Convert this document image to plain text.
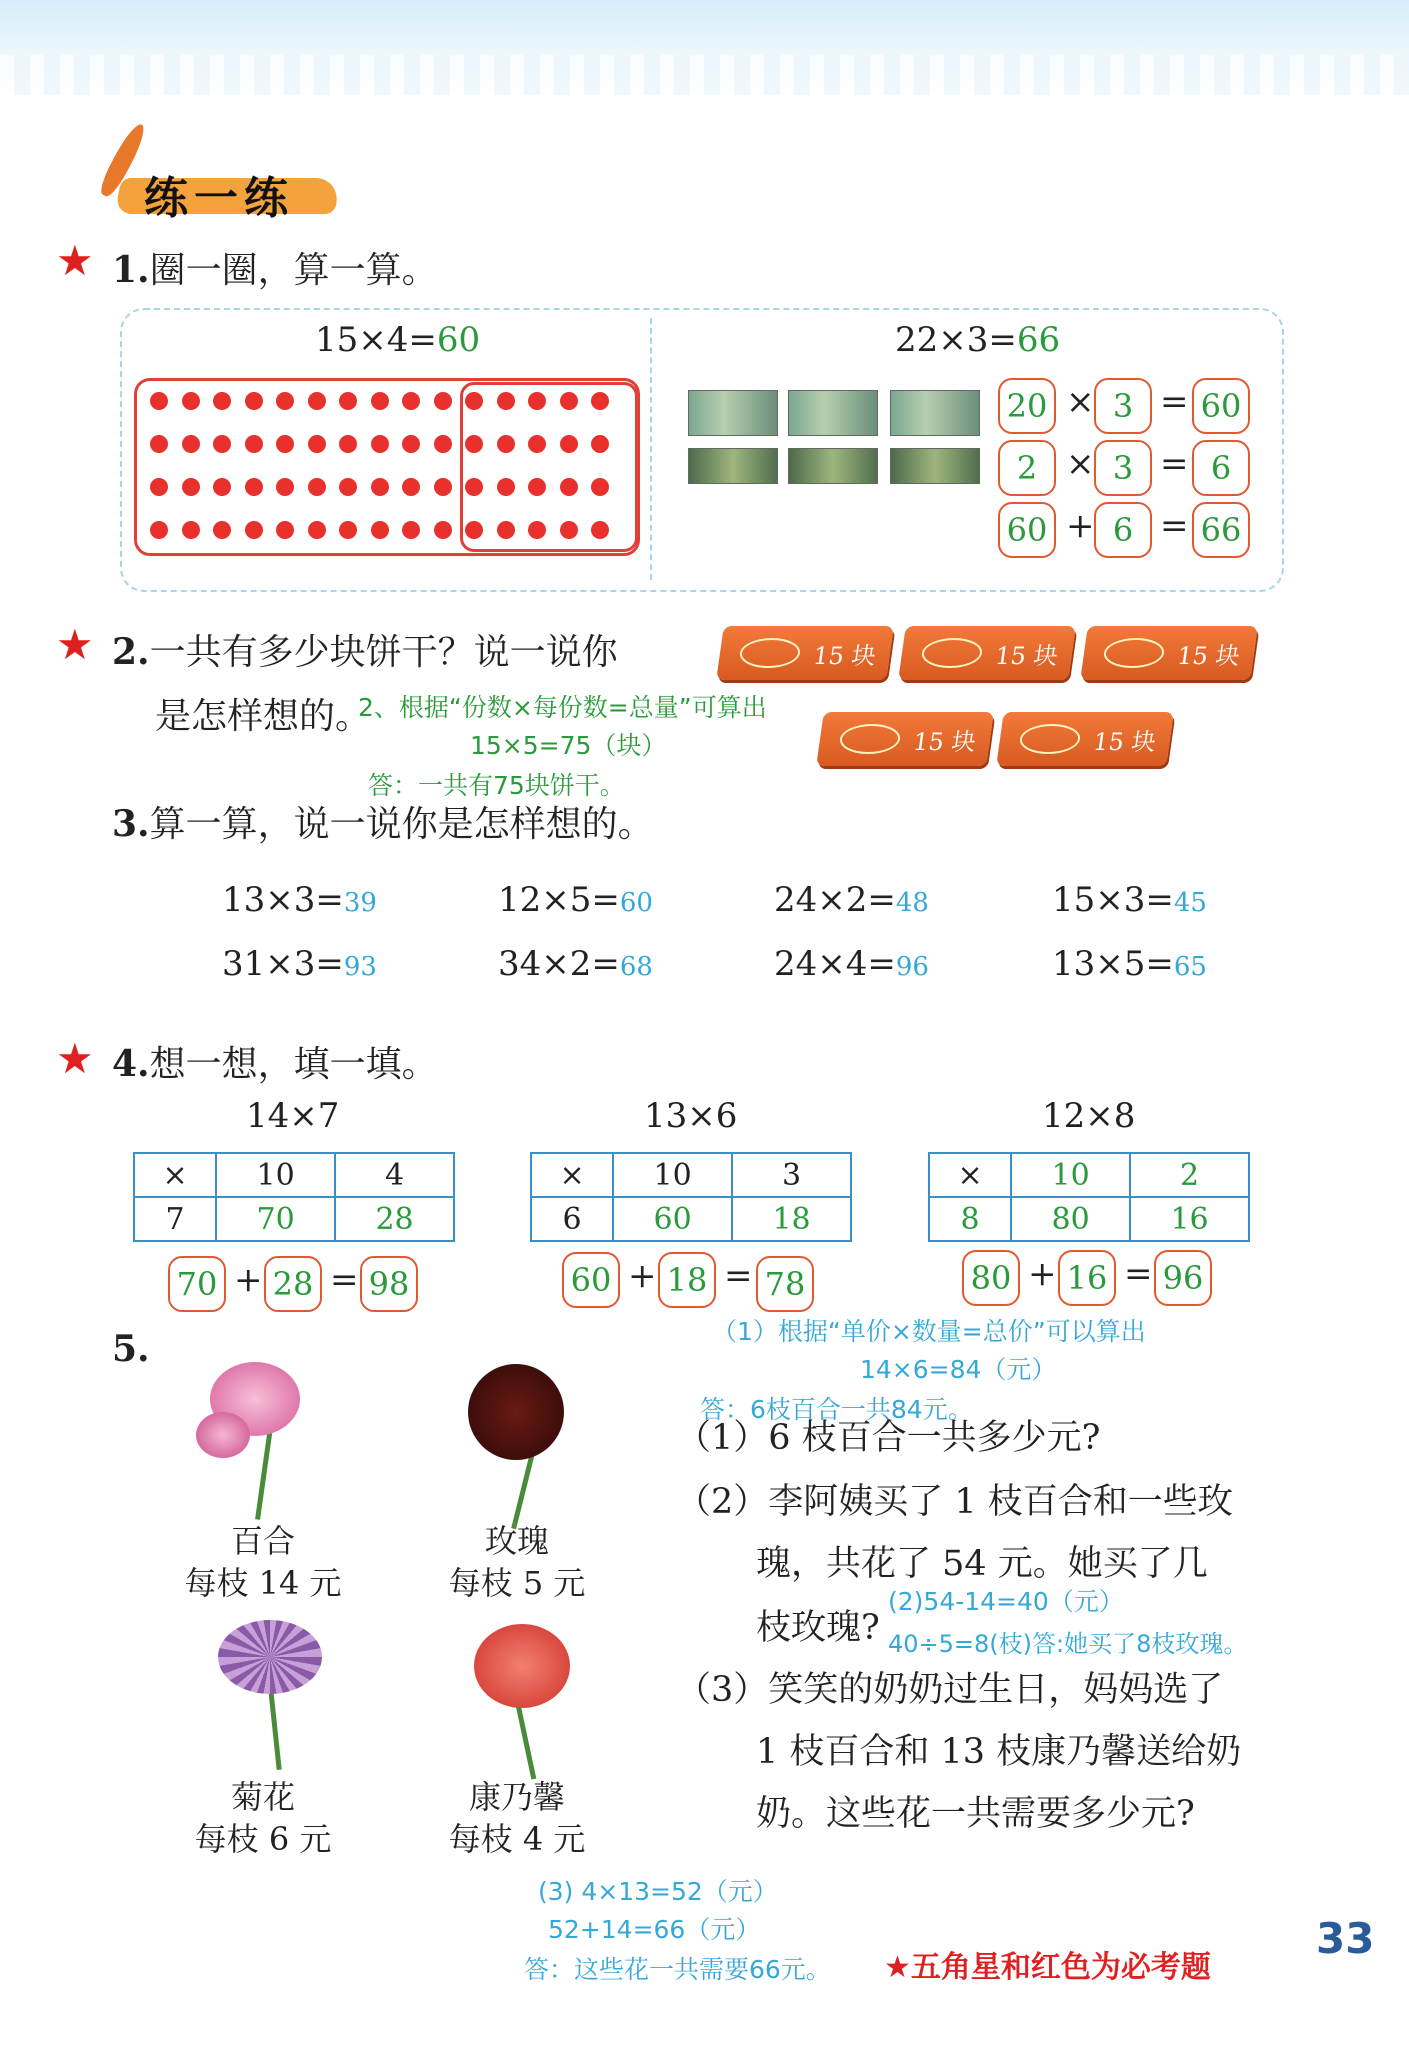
练一练
★ 1.圈一圈，算一算。
15×4=60	22×3=66
20 × 3 = 60
2 × 3 = 6
60 + 6 = 66
★ 2.一共有多少块饼干？说一说你
是怎样想的。
2、根据“份数×每份数=总量”可算出
15×5=75（块）
答：一共有75块饼干。
15 块	15 块	15 块
15 块	15 块
3.算一算，说一说你是怎样想的。
13×3=39	12×5=60	24×2=48	15×3=45
31×3=93	34×2=68	24×4=96	13×5=65
★ 4.想一想，填一填。
14×7
×	10	4
7	70	28
70 + 28 = 98
13×6
×	10	3
6	60	18
60 + 18 = 78
12×8
×	10	2
8	80	16
80 + 16 = 96
5.
百合
每枝 14 元
玫瑰
每枝 5 元
菊花
每枝 6 元
康乃馨
每枝 4 元
（1）根据“单价×数量=总价”可以算出
14×6=84（元）
答：6枝百合一共84元。
（1）6 枝百合一共多少元?
（2）李阿姨买了 1 枝百合和一些玫
瑰，共花了 54 元。她买了几
枝玫瑰?
(2)54-14=40（元）
40÷5=8(枝)答:她买了8枝玫瑰。
（3）笑笑的奶奶过生日，妈妈选了
1 枝百合和 13 枝康乃馨送给奶
奶。这些花一共需要多少元?
(3) 4×13=52（元）
52+14=66（元）
答：这些花一共需要66元。 ★五角星和红色为必考题
33
